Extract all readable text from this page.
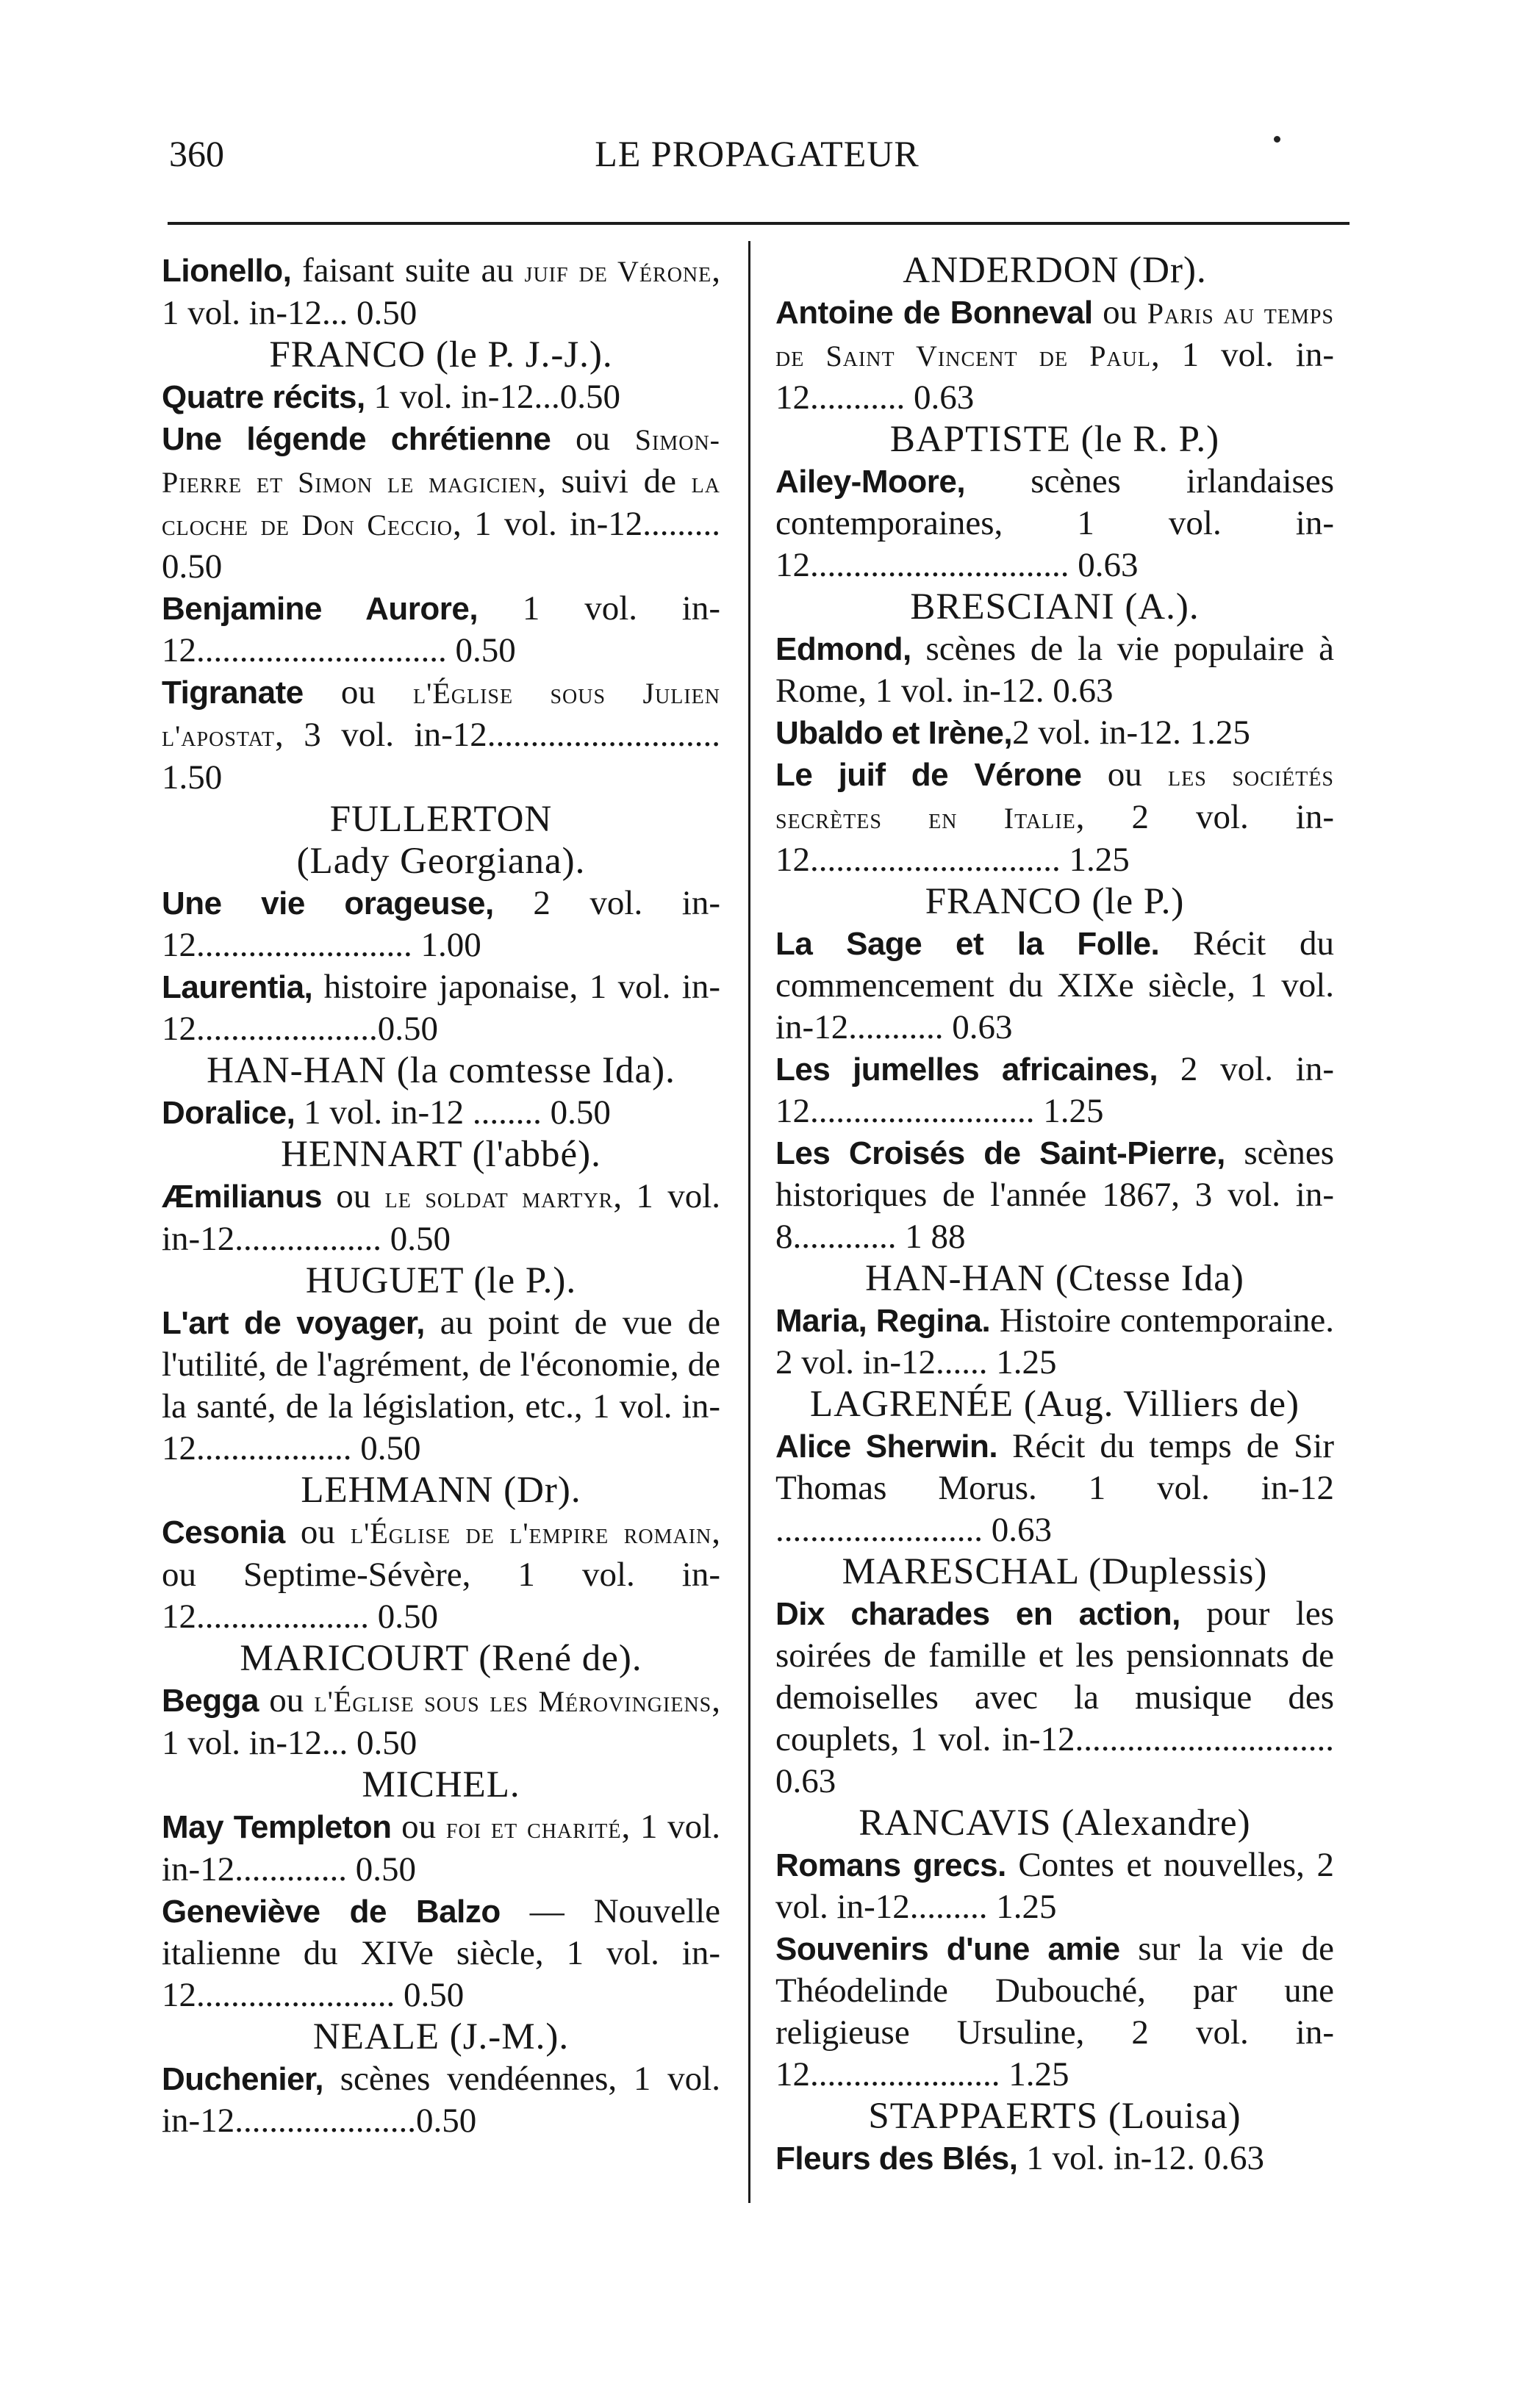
360	LE PROPAGATEUR
Lionello, faisant suite au juif de Vérone, 1 vol. in-12... 0.50
FRANCO (le P. J.-J.).
Quatre récits, 1 vol. in-12...0.50
Une légende chrétienne ou Simon-Pierre et Simon le magicien, suivi de la cloche de Don Ceccio, 1 vol. in-12......... 0.50
Benjamine Aurore, 1 vol. in-12............................. 0.50
Tigranate ou l'Église sous Julien l'apostat, 3 vol. in-12........................... 1.50
FULLERTON
(Lady Georgiana).
Une vie orageuse, 2 vol. in-12......................... 1.00
Laurentia, histoire japonaise, 1 vol. in-12.....................0.50
HAN-HAN (la comtesse Ida).
Doralice, 1 vol. in-12 ........ 0.50
HENNART (l'abbé).
Æmilianus ou le soldat martyr, 1 vol. in-12................. 0.50
HUGUET (le P.).
L'art de voyager, au point de vue de l'utilité, de l'agrément, de l'économie, de la santé, de la législation, etc., 1 vol. in-12.................. 0.50
LEHMANN (Dr).
Cesonia ou l'Église de l'empire romain, ou Septime-Sévère, 1 vol. in-12.................... 0.50
MARICOURT (René de).
Begga ou l'Église sous les Mérovingiens, 1 vol. in-12... 0.50
MICHEL.
May Templeton ou foi et charité, 1 vol. in-12............. 0.50
Geneviève de Balzo — Nouvelle italienne du XIVe siècle, 1 vol. in-12....................... 0.50
NEALE (J.-M.).
Duchenier, scènes vendéennes, 1 vol. in-12.....................0.50
ANDERDON (Dr).
Antoine de Bonneval ou Paris au temps de Saint Vincent de Paul, 1 vol. in-12........... 0.63
BAPTISTE (le R. P.)
Ailey-Moore, scènes irlandaises contemporaines, 1 vol. in-12.............................. 0.63
BRESCIANI (A.).
Edmond, scènes de la vie populaire à Rome, 1 vol. in-12. 0.63
Ubaldo et Irène,2 vol. in-12. 1.25
Le juif de Vérone ou les sociétés secrètes en Italie, 2 vol. in-12............................. 1.25
FRANCO (le P.)
La Sage et la Folle. Récit du commencement du XIXe siècle, 1 vol. in-12........... 0.63
Les jumelles africaines, 2 vol. in-12.......................... 1.25
Les Croisés de Saint-Pierre, scènes historiques de l'année 1867, 3 vol. in-8............ 1 88
HAN-HAN (Ctesse Ida)
Maria, Regina. Histoire contemporaine. 2 vol. in-12...... 1.25
LAGRENÉE (Aug. Villiers de)
Alice Sherwin. Récit du temps de Sir Thomas Morus. 1 vol. in-12 ........................ 0.63
MARESCHAL (Duplessis)
Dix charades en action, pour les soirées de famille et les pensionnats de demoiselles avec la musique des couplets, 1 vol. in-12.............................. 0.63
RANCAVIS (Alexandre)
Romans grecs. Contes et nouvelles, 2 vol. in-12......... 1.25
Souvenirs d'une amie sur la vie de Théodelinde Dubouché, par une religieuse Ursuline, 2 vol. in-12...................... 1.25
STAPPAERTS (Louisa)
Fleurs des Blés, 1 vol. in-12. 0.63
